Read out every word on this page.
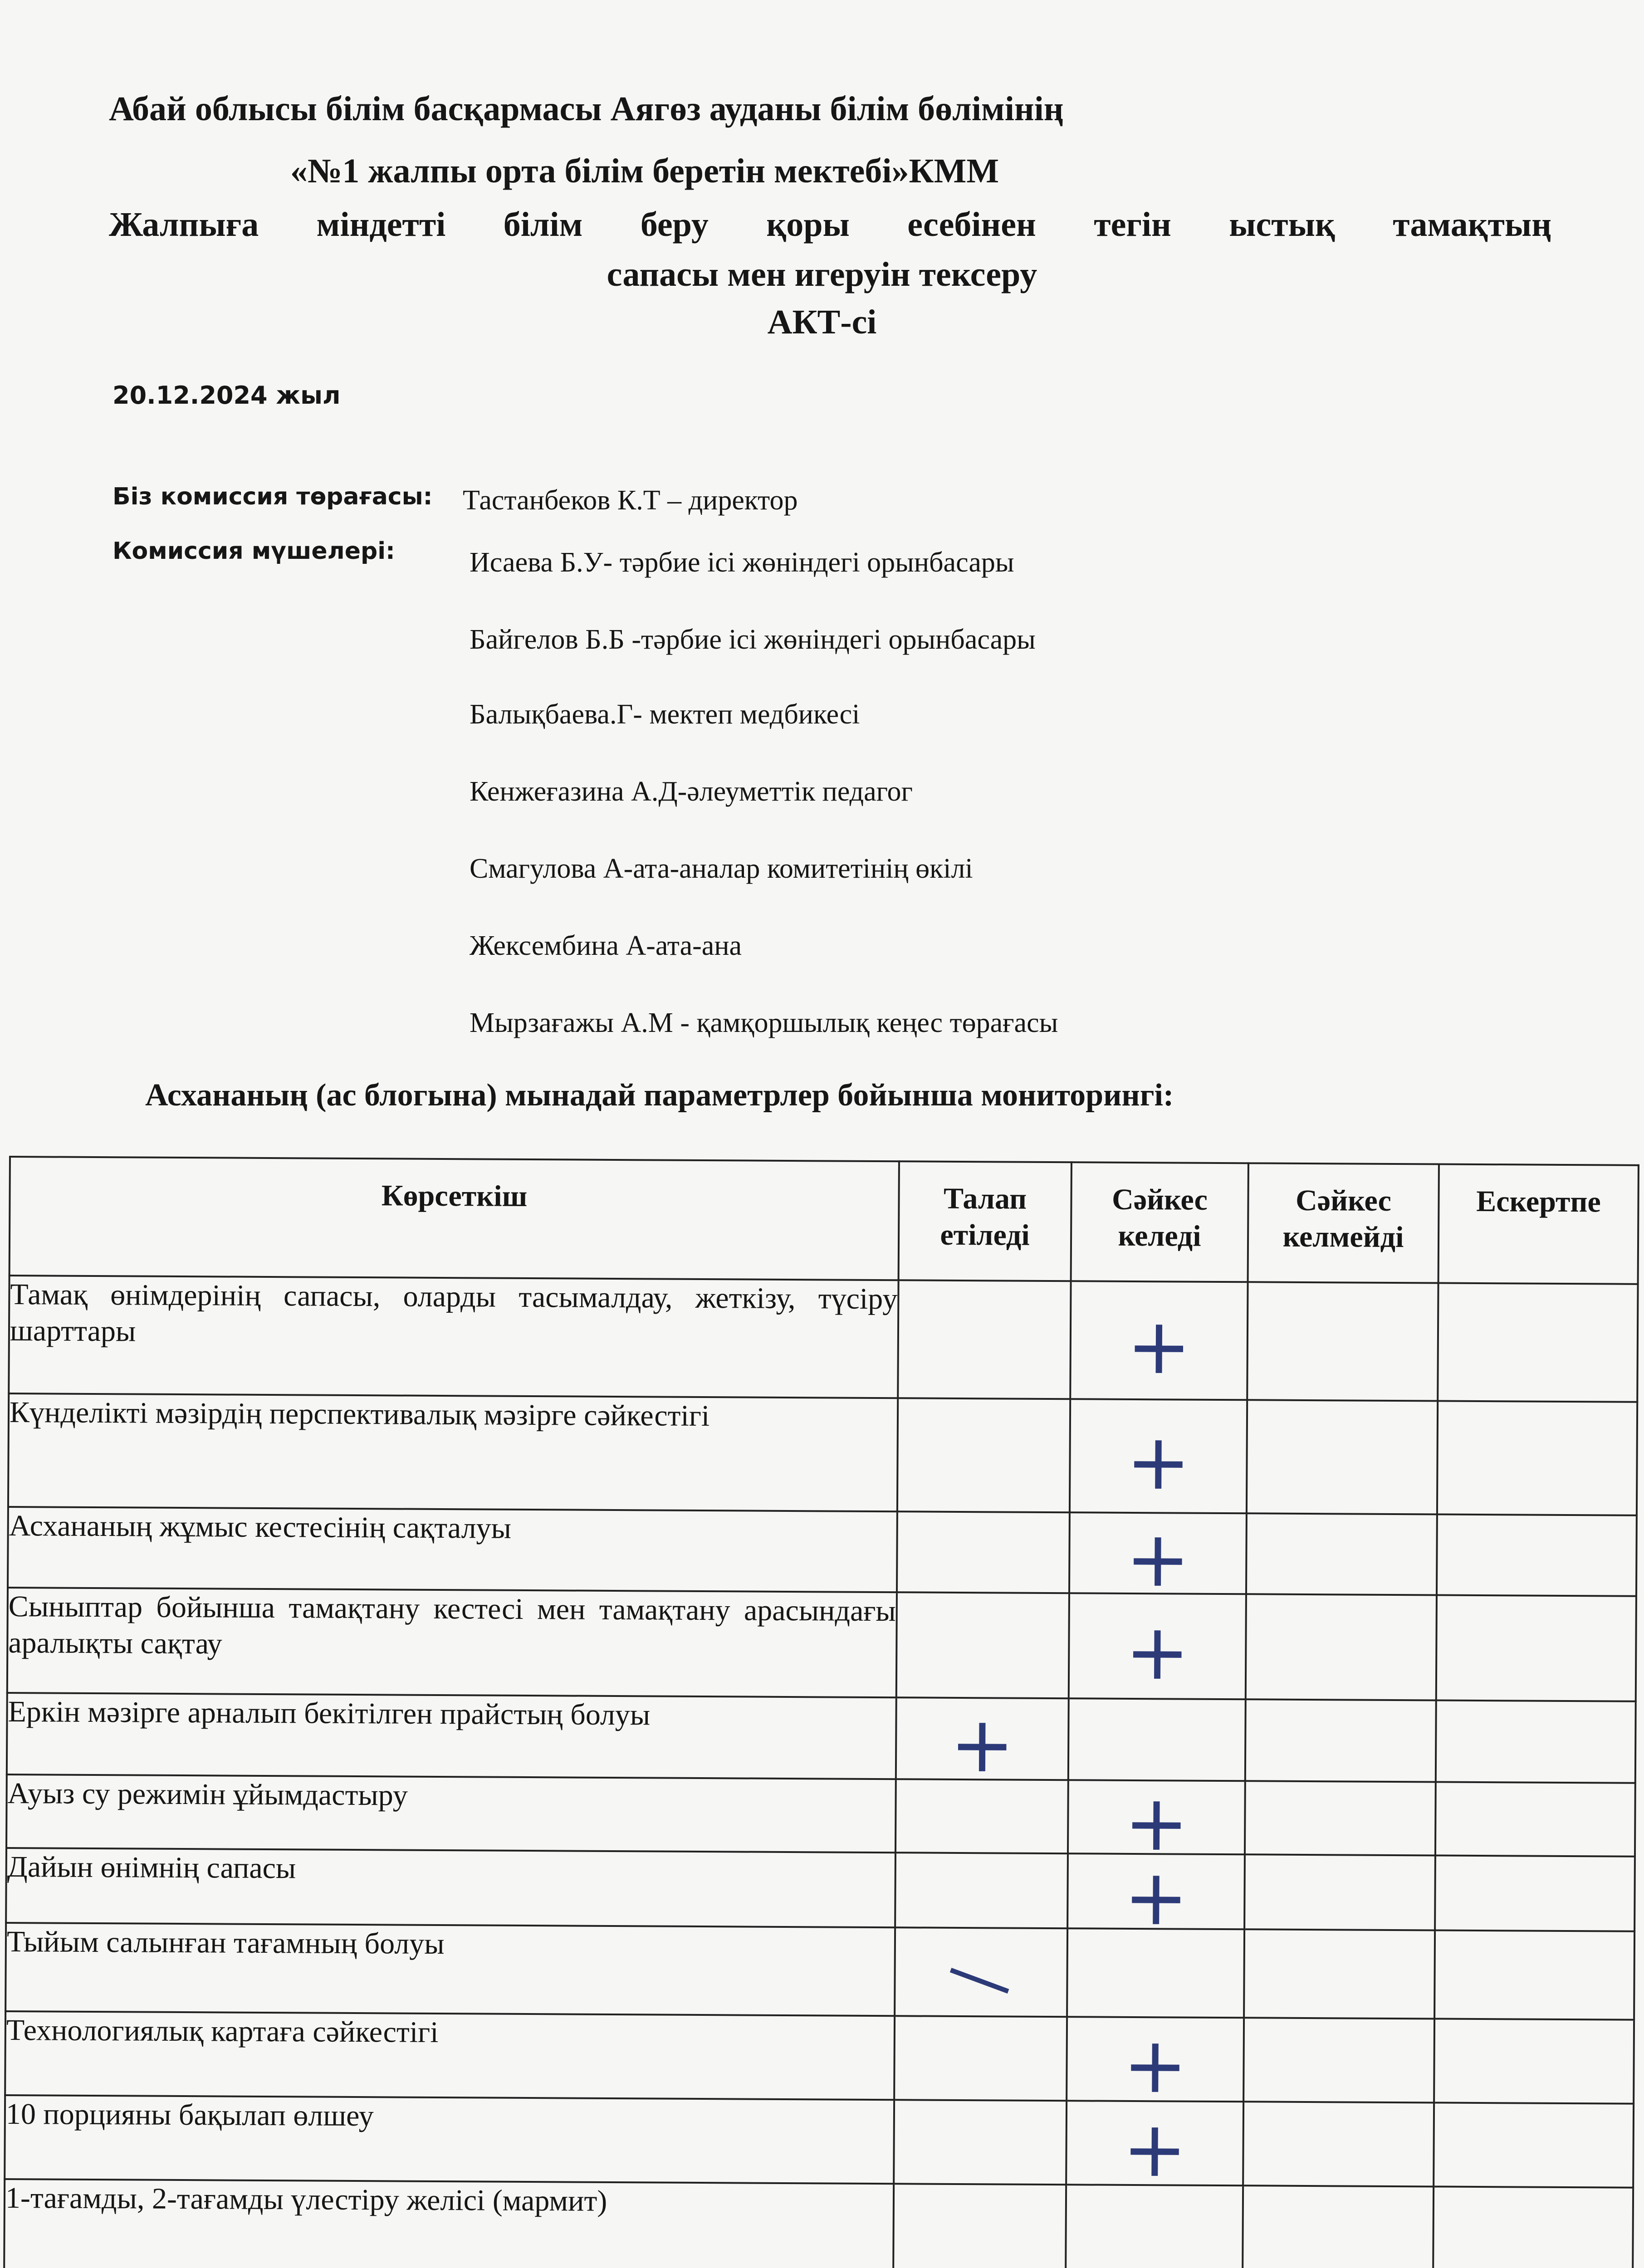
Абай облысы білім басқармасы Аягөз ауданы білім бөлімінің
«№1 жалпы орта білім беретін мектебі»КММ
Жалпыға міндетті білім беру қоры есебінен тегін ыстық тамақтың
сапасы мен игеруін тексеру
АКТ-сі
20.12.2024 жыл
Біз комиссия төрағасы: Тастанбеков К.Т – директор
Комиссия мүшелері:	Исаева Б.У- тәрбие ісі жөніндегі орынбасары
Байгелов Б.Б -тәрбие ісі жөніндегі орынбасары
Балықбаева.Г- мектеп медбикесі
Кенжеғазина А.Д-әлеуметтік педагог
Смагулова А-ата-аналар комитетінің өкілі
Жексембина А-ата-ана
Мырзағажы А.М - қамқоршылық кеңес төрағасы
Асхананың (ас блогына) мынадай параметрлер бойынша мониторингі:
Көрсеткіш	Талап етіледі	Сәйкес келеді	Сәйкес келмейді	Ескертпе
Тамақ өнімдерінің сапасы, оларды тасымалдау, жеткізу, түсіру шарттары		+		

Күнделікті мәзірдің перспективалық мәзірге сәйкестігі		+		

Асхананың жұмыс кестесінің сақталуы		+		

Сыныптар бойынша тамақтану кестесі мен тамақтану арасындағы аралықты сақтау		+		

Еркін мәзірге арналып бекітілген прайстың болуы	+			

Ауыз су режимін ұйымдастыру		+		

Дайын өнімнің сапасы		+		

Тыйым салынған тағамның болуы	—			

Технологиялық картаға сәйкестігі		+		

10 порцияны бақылап өлшеу		+		

1-тағамды, 2-тағамды үлестіру желісі (мармит)				
